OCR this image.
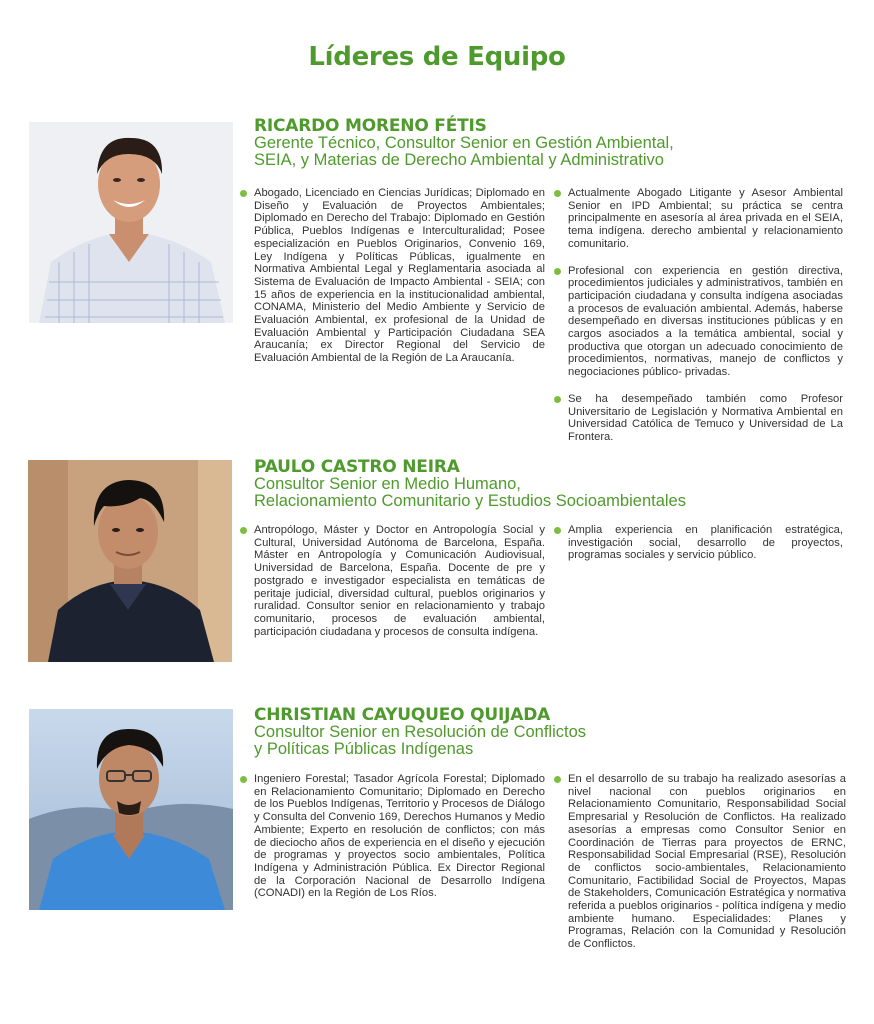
Líderes de Equipo
RICARDO MORENO FÉTIS
Gerente Técnico, Consultor Senior en Gestión Ambiental,
SEIA, y Materias de Derecho Ambiental y Administrativo
Abogado, Licenciado en Ciencias Jurídicas; Diplomado en Diseño y Evaluación de Proyectos Ambientales; Diplomado en Derecho del Trabajo: Diplomado en Gestión Pública, Pueblos Indígenas e Interculturalidad; Posee especialización en Pueblos Originarios, Convenio 169, Ley Indígena y Políticas Públicas, igualmente en Normativa Ambiental Legal y Reglamentaria asociada al Sistema de Evaluación de Impacto Ambiental - SEIA; con 15 años de experiencia en la institucionalidad ambiental, CONAMA, Ministerio del Medio Ambiente y Servicio de Evaluación Ambiental, ex profesional de la Unidad de Evaluación Ambiental y Participación Ciudadana SEA Araucanía; ex Director Regional del Servicio de Evaluación Ambiental de la Región de La Araucanía.
Actualmente Abogado Litigante y Asesor Ambiental Senior en IPD Ambiental; su práctica se centra principalmente en asesoría al área privada en el SEIA, tema indígena. derecho ambiental y relacionamiento comunitario.
Profesional con experiencia en gestión directiva, procedimientos judiciales y administrativos, también en participación ciudadana y consulta indígena asociadas a procesos de evaluación ambiental. Además, haberse desempeñado en diversas instituciones públicas y en cargos asociados a la temática ambiental, social y productiva que otorgan un adecuado conocimiento de procedimientos, normativas, manejo de conflictos y negociaciones público- privadas.
Se ha desempeñado también como Profesor Universitario de Legislación y Normativa Ambiental en Universidad Católica de Temuco y Universidad de La Frontera.
PAULO CASTRO NEIRA
Consultor Senior en Medio Humano,
Relacionamiento Comunitario y Estudios Socioambientales
Antropólogo, Máster y Doctor en Antropología Social y Cultural, Universidad Autónoma de Barcelona, España. Máster en Antropología y Comunicación Audiovisual, Universidad de Barcelona, España. Docente de pre y postgrado e investigador especialista en temáticas de peritaje judicial, diversidad cultural, pueblos originarios y ruralidad. Consultor senior en relacionamiento y trabajo comunitario, procesos de evaluación ambiental, participación ciudadana y procesos de consulta indígena.
Amplia experiencia en planificación estratégica, investigación social, desarrollo de proyectos, programas sociales y servicio público.
CHRISTIAN CAYUQUEO QUIJADA
Consultor Senior en Resolución de Conflictos
y Políticas Públicas Indígenas
Ingeniero Forestal; Tasador Agrícola Forestal; Diplomado en Relacionamiento Comunitario; Diplomado en Derecho de los Pueblos Indígenas, Territorio y Procesos de Diálogo y Consulta del Convenio 169, Derechos Humanos y Medio Ambiente; Experto en resolución de conflictos; con más de dieciocho años de experiencia en el diseño y ejecución de programas y proyectos socio ambientales, Política Indígena y Administración Pública. Ex Director Regional de la Corporación Nacional de Desarrollo Indígena (CONADI) en la Región de Los Ríos.
En el desarrollo de su trabajo ha realizado asesorías a nivel nacional con pueblos originarios en Relacionamiento Comunitario, Responsabilidad Social Empresarial y Resolución de Conflictos. Ha realizado asesorías a empresas como Consultor Senior en Coordinación de Tierras para proyectos de ERNC, Responsabilidad Social Empresarial (RSE), Resolución de conflictos socio-ambientales, Relacionamiento Comunitario, Factibilidad Social de Proyectos, Mapas de Stakeholders, Comunicación Estratégica y normativa referida a pueblos originarios - política indígena y medio ambiente humano. Especialidades: Planes y Programas, Relación con la Comunidad y Resolución de Conflictos.
